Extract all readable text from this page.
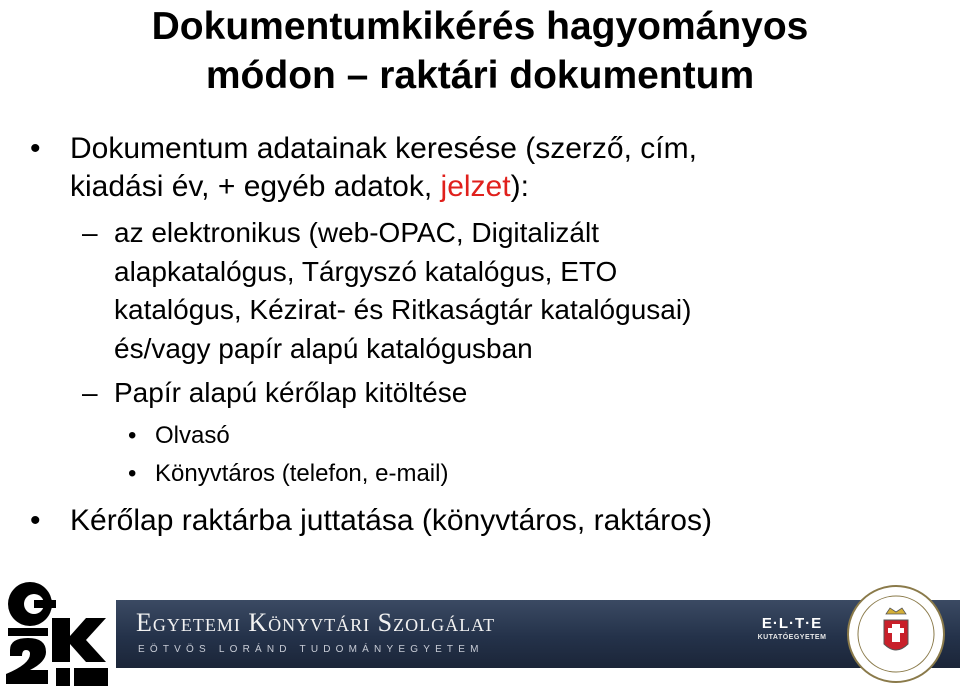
Dokumentumkikérés hagyományos
módon – raktári dokumentum
• Dokumentum adatainak keresése (szerző, cím,
kiadási év, + egyéb adatok, jelzet):
– az elektronikus (web-OPAC, Digitalizált
alapkatalógus, Tárgyszó katalógus, ETO
katalógus, Kézirat- és Ritkaságtár katalógusai)
és/vagy papír alapú katalógusban
– Papír alapú kérőlap kitöltése
• Olvasó
• Könyvtáros (telefon, e-mail)
• Kérőlap raktárba juttatása (könyvtáros, raktáros)
Egyetemi Könyvtári Szolgálat
EÖTVÖS LORÁND TUDOMÁNYEGYETEM
E·L·T·E
KUTATÓEGYETEM
